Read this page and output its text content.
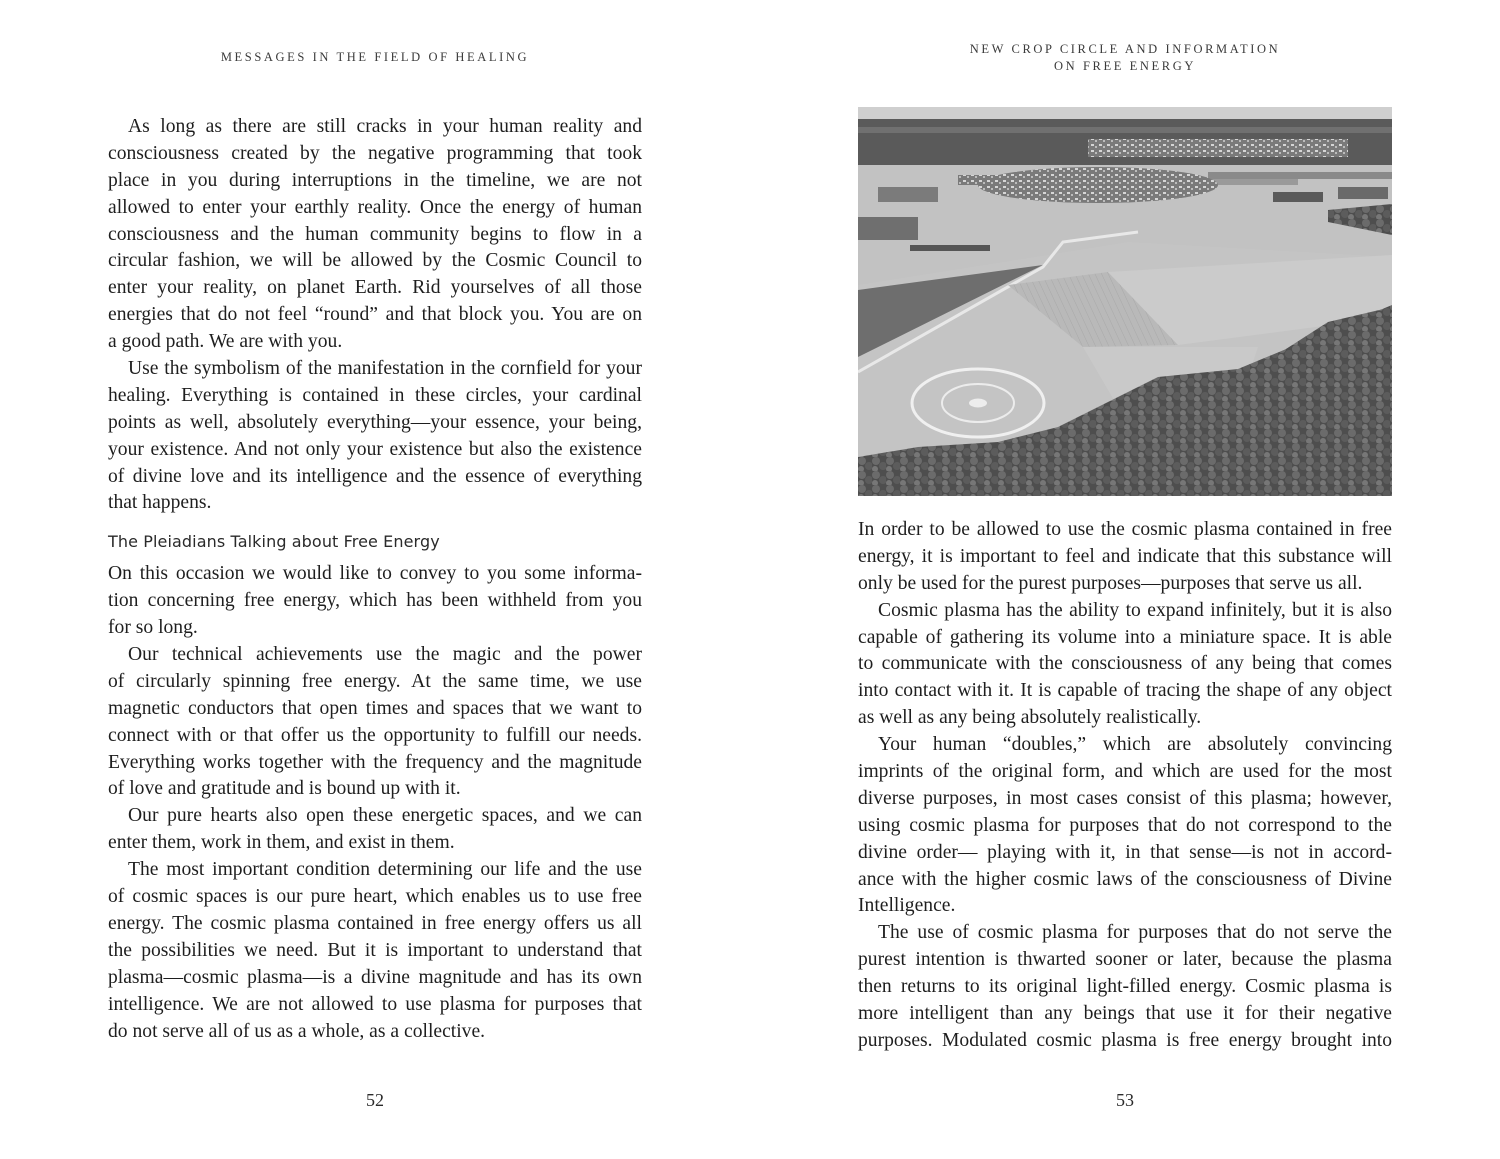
MESSAGES IN THE FIELD OF HEALING
As long as there are still cracks in your human reality and
consciousness created by the negative programming that took
place in you during interruptions in the timeline, we are not
allowed to enter your earthly reality. Once the energy of human
consciousness and the human community begins to flow in a
circular fashion, we will be allowed by the Cosmic Council to
enter your reality, on planet Earth. Rid yourselves of all those
energies that do not feel “round” and that block you. You are on
a good path. We are with you.
Use the symbolism of the manifestation in the cornfield for your
healing. Everything is contained in these circles, your cardinal
points as well, absolutely everything—your essence, your being,
your existence. And not only your existence but also the existence
of divine love and its intelligence and the essence of everything
that happens.
The Pleiadians Talking about Free Energy
On this occasion we would like to convey to you some informa-
tion concerning free energy, which has been withheld from you
for so long.
Our technical achievements use the magic and the power
of circularly spinning free energy. At the same time, we use
magnetic conductors that open times and spaces that we want to
connect with or that offer us the opportunity to fulfill our needs.
Everything works together with the frequency and the magnitude
of love and gratitude and is bound up with it.
Our pure hearts also open these energetic spaces, and we can
enter them, work in them, and exist in them.
The most important condition determining our life and the use
of cosmic spaces is our pure heart, which enables us to use free
energy. The cosmic plasma contained in free energy offers us all
the possibilities we need. But it is important to understand that
plasma—cosmic plasma—is a divine magnitude and has its own
intelligence. We are not allowed to use plasma for purposes that
do not serve all of us as a whole, as a collective.
52
NEW CROP CIRCLE AND INFORMATION
ON FREE ENERGY
In order to be allowed to use the cosmic plasma contained in free
energy, it is important to feel and indicate that this substance will
only be used for the purest purposes—purposes that serve us all.
Cosmic plasma has the ability to expand infinitely, but it is also
capable of gathering its volume into a miniature space. It is able
to communicate with the consciousness of any being that comes
into contact with it. It is capable of tracing the shape of any object
as well as any being absolutely realistically.
Your human “doubles,” which are absolutely convincing
imprints of the original form, and which are used for the most
diverse purposes, in most cases consist of this plasma; however,
using cosmic plasma for purposes that do not correspond to the
divine order— playing with it, in that sense—is not in accord-
ance with the higher cosmic laws of the consciousness of Divine
Intelligence.
The use of cosmic plasma for purposes that do not serve the
purest intention is thwarted sooner or later, because the plasma
then returns to its original light-filled energy. Cosmic plasma is
more intelligent than any beings that use it for their negative
purposes. Modulated cosmic plasma is free energy brought into
53
